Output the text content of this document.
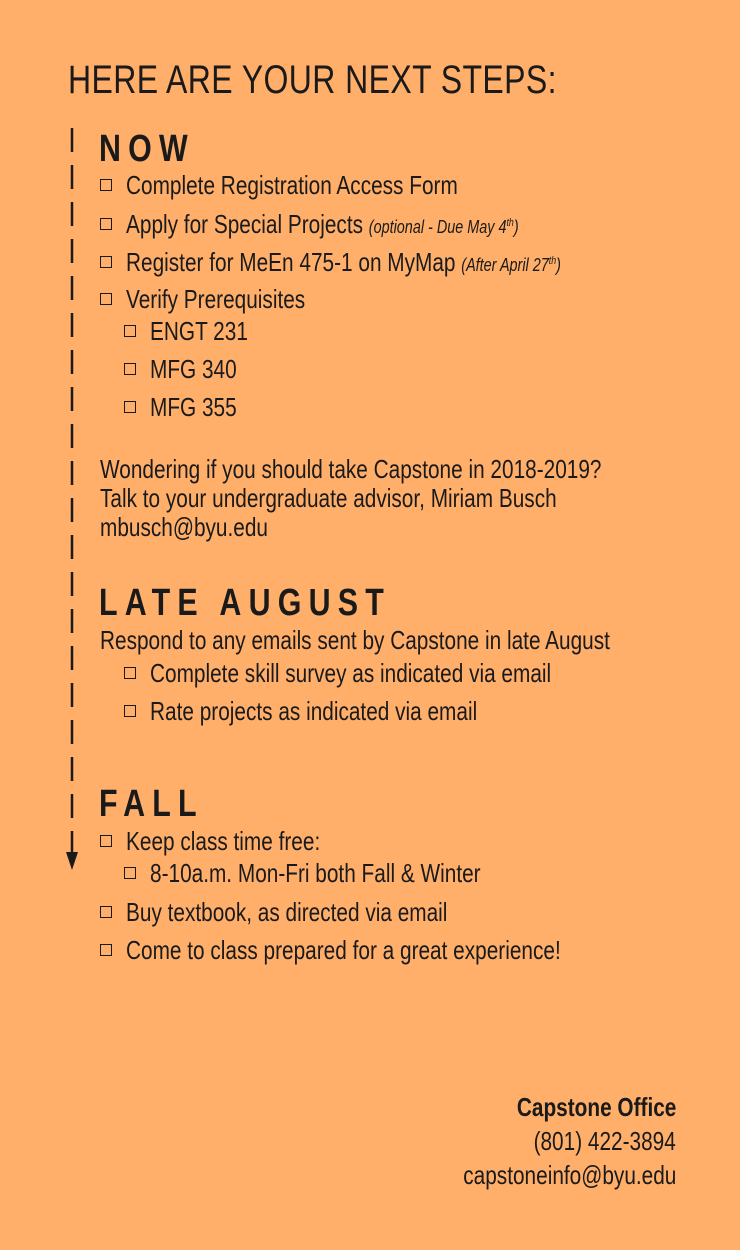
HERE ARE YOUR NEXT STEPS:
NOW
Complete Registration Access Form
Apply for Special Projects (optional - Due May 4th)
Register for MeEn 475-1 on MyMap (After April 27th)
Verify Prerequisites
ENGT 231
MFG 340
MFG 355
Wondering if you should take Capstone in 2018-2019?
Talk to your undergraduate advisor, Miriam Busch
mbusch@byu.edu
LATE AUGUST
Respond to any emails sent by Capstone in late August
Complete skill survey as indicated via email
Rate projects as indicated via email
FALL
Keep class time free:
8-10a.m. Mon-Fri both Fall & Winter
Buy textbook, as directed via email
Come to class prepared for a great experience!
Capstone Office
(801) 422-3894
capstoneinfo@byu.edu
